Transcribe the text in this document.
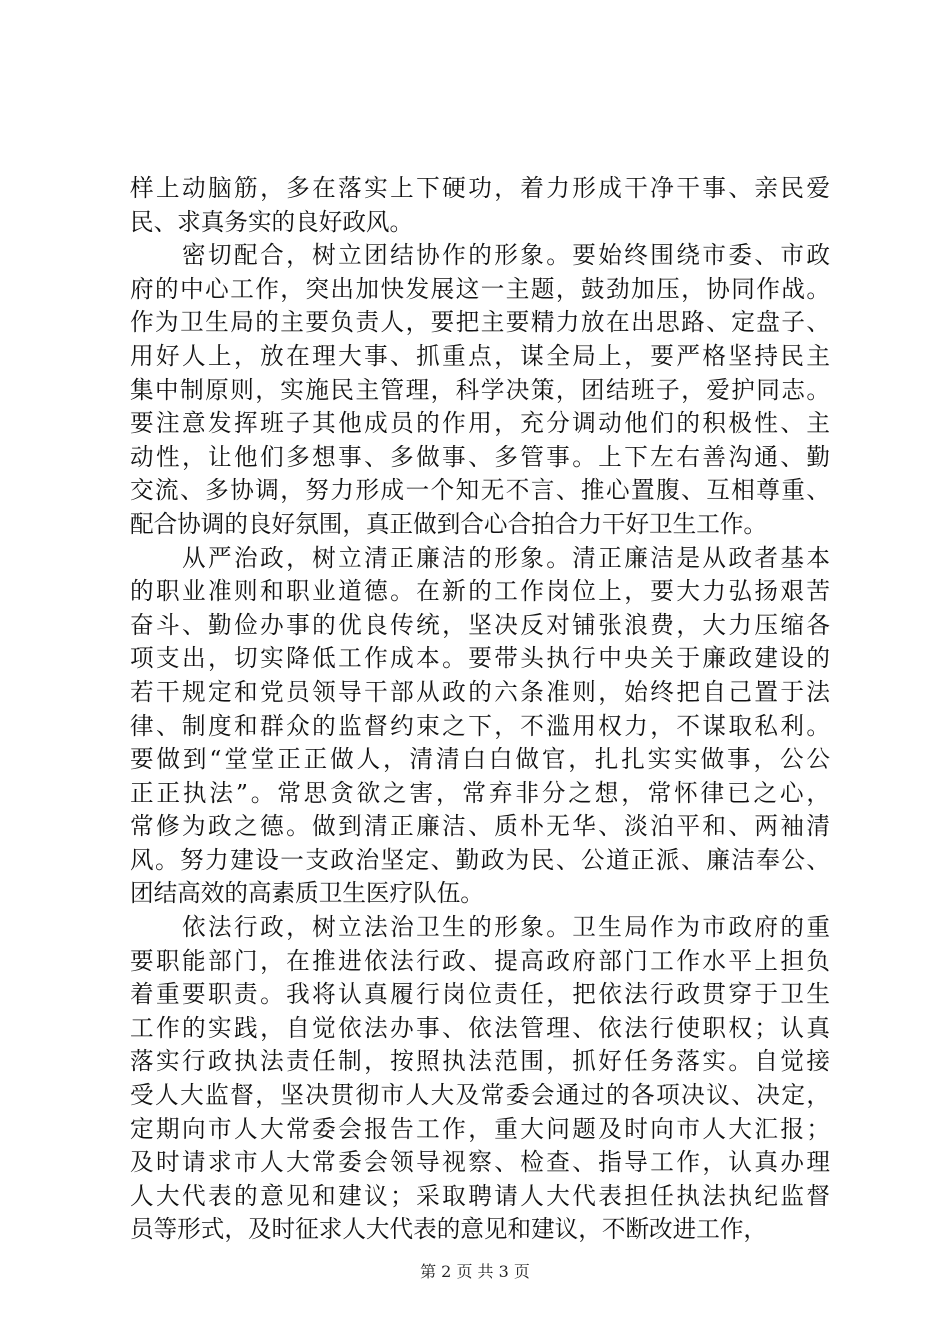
样上动脑筋，多在落实上下硬功，着力形成干净干事、亲民爱
民、求真务实的良好政风。
　　密切配合，树立团结协作的形象。要始终围绕市委、市政
府的中心工作，突出加快发展这一主题，鼓劲加压，协同作战。
作为卫生局的主要负责人，要把主要精力放在出思路、定盘子、
用好人上，放在理大事、抓重点，谋全局上，要严格坚持民主
集中制原则，实施民主管理，科学决策，团结班子，爱护同志。
要注意发挥班子其他成员的作用，充分调动他们的积极性、主
动性，让他们多想事、多做事、多管事。上下左右善沟通、勤
交流、多协调，努力形成一个知无不言、推心置腹、互相尊重、
配合协调的良好氛围，真正做到合心合拍合力干好卫生工作。
　　从严治政，树立清正廉洁的形象。清正廉洁是从政者基本
的职业准则和职业道德。在新的工作岗位上，要大力弘扬艰苦
奋斗、勤俭办事的优良传统，坚决反对铺张浪费，大力压缩各
项支出，切实降低工作成本。要带头执行中央关于廉政建设的
若干规定和党员领导干部从政的六条准则，始终把自己置于法
律、制度和群众的监督约束之下，不滥用权力，不谋取私利。
要做到“堂堂正正做人，清清白白做官，扎扎实实做事，公公
正正执法”。常思贪欲之害，常弃非分之想，常怀律已之心，
常修为政之德。做到清正廉洁、质朴无华、淡泊平和、两袖清
风。努力建设一支政治坚定、勤政为民、公道正派、廉洁奉公、
团结高效的高素质卫生医疗队伍。
　　依法行政，树立法治卫生的形象。卫生局作为市政府的重
要职能部门，在推进依法行政、提高政府部门工作水平上担负
着重要职责。我将认真履行岗位责任，把依法行政贯穿于卫生
工作的实践，自觉依法办事、依法管理、依法行使职权；认真
落实行政执法责任制，按照执法范围，抓好任务落实。自觉接
受人大监督，坚决贯彻市人大及常委会通过的各项决议、决定，
定期向市人大常委会报告工作，重大问题及时向市人大汇报；
及时请求市人大常委会领导视察、检查、指导工作，认真办理
人大代表的意见和建议；采取聘请人大代表担任执法执纪监督
员等形式，及时征求人大代表的意见和建议，不断改进工作，
第 2 页 共 3 页
